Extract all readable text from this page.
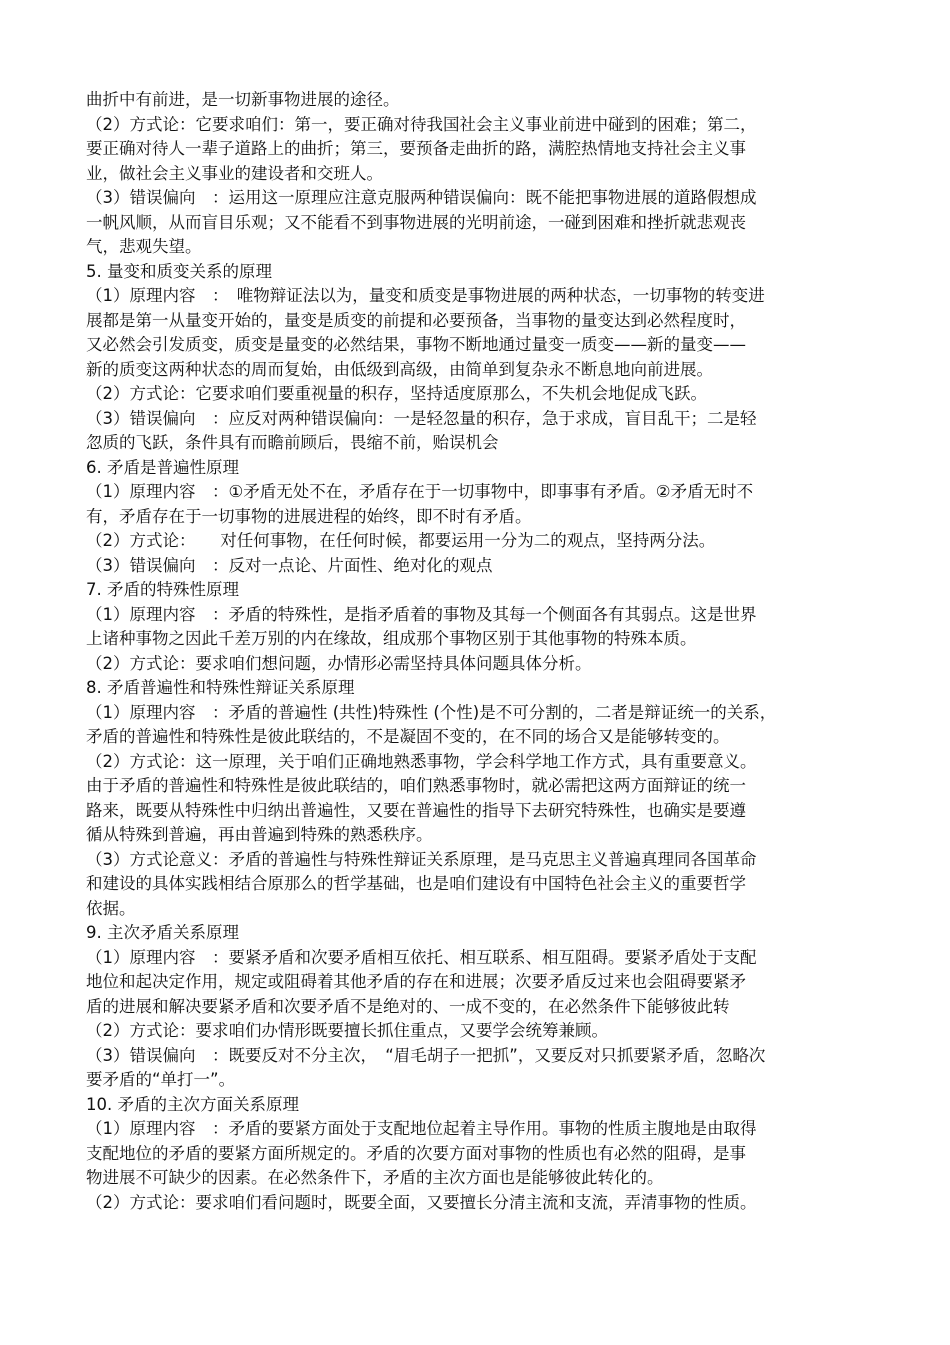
曲折中有前进，是一切新事物进展的途径。
（2）方式论：它要求咱们：第一，要正确对待我国社会主义事业前进中碰到的困难；第二，
要正确对待人一辈子道路上的曲折；第三，要预备走曲折的路，满腔热情地支持社会主义事
业，做社会主义事业的建设者和交班人。
（3）错误偏向　：运用这一原理应注意克服两种错误偏向：既不能把事物进展的道路假想成
一帆风顺，从而盲目乐观；又不能看不到事物进展的光明前途，一碰到困难和挫折就悲观丧
气，悲观失望。
5. 量变和质变关系的原理
（1）原理内容　：　唯物辩证法以为，量变和质变是事物进展的两种状态，一切事物的转变进
展都是第一从量变开始的，量变是质变的前提和必要预备，当事物的量变达到必然程度时，
又必然会引发质变，质变是量变的必然结果，事物不断地通过量变一质变——新的量变——
新的质变这两种状态的周而复始，由低级到高级，由简单到复杂永不断息地向前进展。
（2）方式论：它要求咱们要重视量的积存，坚持适度原那么，不失机会地促成飞跃。
（3）错误偏向　：应反对两种错误偏向：一是轻忽量的积存，急于求成，盲目乱干；二是轻
忽质的飞跃，条件具有而瞻前顾后，畏缩不前，贻误机会
6. 矛盾是普遍性原理
（1）原理内容　：①矛盾无处不在，矛盾存在于一切事物中，即事事有矛盾。②矛盾无时不
有，矛盾存在于一切事物的进展进程的始终，即不时有矛盾。
（2）方式论：　　对任何事物，在任何时候，都要运用一分为二的观点，坚持两分法。
（3）错误偏向　：反对一点论、片面性、绝对化的观点
7. 矛盾的特殊性原理
（1）原理内容　：矛盾的特殊性，是指矛盾着的事物及其每一个侧面各有其弱点。这是世界
上诸种事物之因此千差万别的内在缘故，组成那个事物区别于其他事物的特殊本质。
（2）方式论：要求咱们想问题，办情形必需坚持具体问题具体分析。
8. 矛盾普遍性和特殊性辩证关系原理
（1）原理内容　：矛盾的普遍性 (共性)特殊性 (个性)是不可分割的，二者是辩证统一的关系，
矛盾的普遍性和特殊性是彼此联结的，不是凝固不变的，在不同的场合又是能够转变的。
（2）方式论：这一原理，关于咱们正确地熟悉事物，学会科学地工作方式，具有重要意义。
由于矛盾的普遍性和特殊性是彼此联结的，咱们熟悉事物时，就必需把这两方面辩证的统一
路来，既要从特殊性中归纳出普遍性，又要在普遍性的指导下去研究特殊性，也确实是要遵
循从特殊到普遍，再由普遍到特殊的熟悉秩序。
（3）方式论意义：矛盾的普遍性与特殊性辩证关系原理，是马克思主义普遍真理同各国革命
和建设的具体实践相结合原那么的哲学基础，也是咱们建设有中国特色社会主义的重要哲学
依据。
9. 主次矛盾关系原理
（1）原理内容　：要紧矛盾和次要矛盾相互依托、相互联系、相互阻碍。要紧矛盾处于支配
地位和起决定作用，规定或阻碍着其他矛盾的存在和进展；次要矛盾反过来也会阻碍要紧矛
盾的进展和解决要紧矛盾和次要矛盾不是绝对的、一成不变的，在必然条件下能够彼此转
（2）方式论：要求咱们办情形既要擅长抓住重点，又要学会统筹兼顾。
（3）错误偏向　：既要反对不分主次，　“眉毛胡子一把抓”，又要反对只抓要紧矛盾，忽略次
要矛盾的“单打一”。
10. 矛盾的主次方面关系原理
（1）原理内容　：矛盾的要紧方面处于支配地位起着主导作用。事物的性质主腹地是由取得
支配地位的矛盾的要紧方面所规定的。矛盾的次要方面对事物的性质也有必然的阻碍，是事
物进展不可缺少的因素。在必然条件下，矛盾的主次方面也是能够彼此转化的。
（2）方式论：要求咱们看问题时，既要全面，又要擅长分清主流和支流，弄清事物的性质。
